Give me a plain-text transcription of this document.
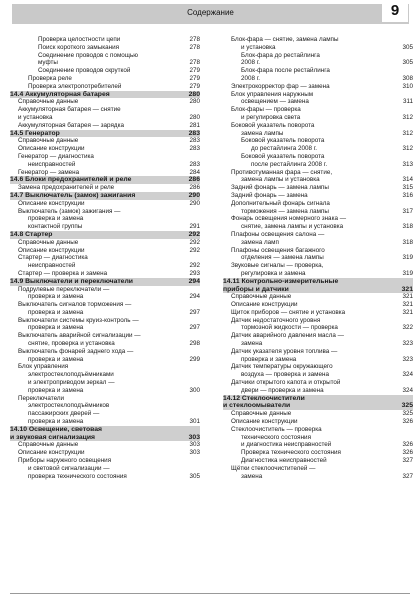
Содержание	9
Проверка целостности цепи	278
Поиск короткого замыкания	278
Соединение проводов с помощью
муфты	278
Соединение проводов скруткой	279
Проверка реле	279
Проверка электропотребителей	279
14.4 Аккумуляторная батарея	280
Справочные данные	280
Аккумуляторная батарея — снятие
и установка	280
Аккумуляторная батарея — зарядка	281
14.5 Генератор	283
Справочные данные	283
Описание конструкции	283
Генератор — диагностика
неисправностей	283
Генератор — замена	284
14.6 Блоки предохранителей и реле	286
Замена предохранителей и реле	286
14.7 Выключатель (замок) зажигания	290
Описание конструкции	290
Выключатель (замок) зажигания —
проверка и замена
контактной группы	291
14.8 Стартер	292
Справочные данные	292
Описание конструкции	292
Стартер — диагностика
неисправностей	292
Стартер — проверка и замена	293
14.9 Выключатели и переключатели	294
Подрулевые переключатели —
проверка и замена	294
Выключатель сигналов торможения —
проверка и замена	297
Выключатели системы круиз-контроль —
проверка и замена	297
Выключатель аварийной сигнализации —
снятие, проверка и установка	298
Выключатель фонарей заднего хода —
проверка и замена	299
Блок управления
электростеклоподъёмниками
и электроприводом зеркал —
проверка и замена	300
Переключатели
электростеклоподъёмников
пассажирских дверей —
проверка и замена	301
14.10 Освещение, световая
и звуковая сигнализация	303
Справочные данные	303
Описание конструкции	303
Приборы наружного освещения
и световой сигнализации —
проверка технического состояния	305
Блок-фара — снятие, замена лампы
и установка	305
Блок-фара до рестайлинга
2008 г.	305
Блок-фара после рестайлинга
2008 г.	308
Электрокорректор фар — замена	310
Блок управления наружным
освещением — замена	311
Блок-фары — проверка
и регулировка света	312
Боковой указатель поворота
замена лампы	312
Боковой указатель поворота
до рестайлинга 2008 г.	312
Боковой указатель поворота
после рестайлинга 2008 г.	313
Противотуманная фара — снятие,
замена лампы и установка	314
Задний фонарь — замена лампы	315
Задний фонарь — замена	316
Дополнительный фонарь сигнала
торможения — замена лампы	317
Фонарь освещения номерного знака —
снятие, замена лампы и установка	318
Плафоны освещения салона —
замена ламп	318
Плафоны освещения багажного
отделения — замена лампы	319
Звуковые сигналы — проверка,
регулировка и замена	319
14.11 Контрольно-измерительные
приборы и датчики	321
Справочные данные	321
Описание конструкции	321
Щиток приборов — снятие и установка	321
Датчик недостаточного уровня
тормозной жидкости — проверка	322
Датчик аварийного давления масла —
замена	323
Датчик указателя уровня топлива —
проверка и замена	323
Датчик температуры окружающего
воздуха — проверка и замена	324
Датчики открытого капота и открытой
двери — проверка и замена	324
14.12 Стеклоочистители
и стеклоомыватели	325
Справочные данные	325
Описание конструкции	326
Стеклоочиститель — проверка
технического состояния
и диагностика неисправностей	326
Проверка технического состояния	326
Диагностика неисправностей	327
Щётки стеклоочистителей —
замена	327
